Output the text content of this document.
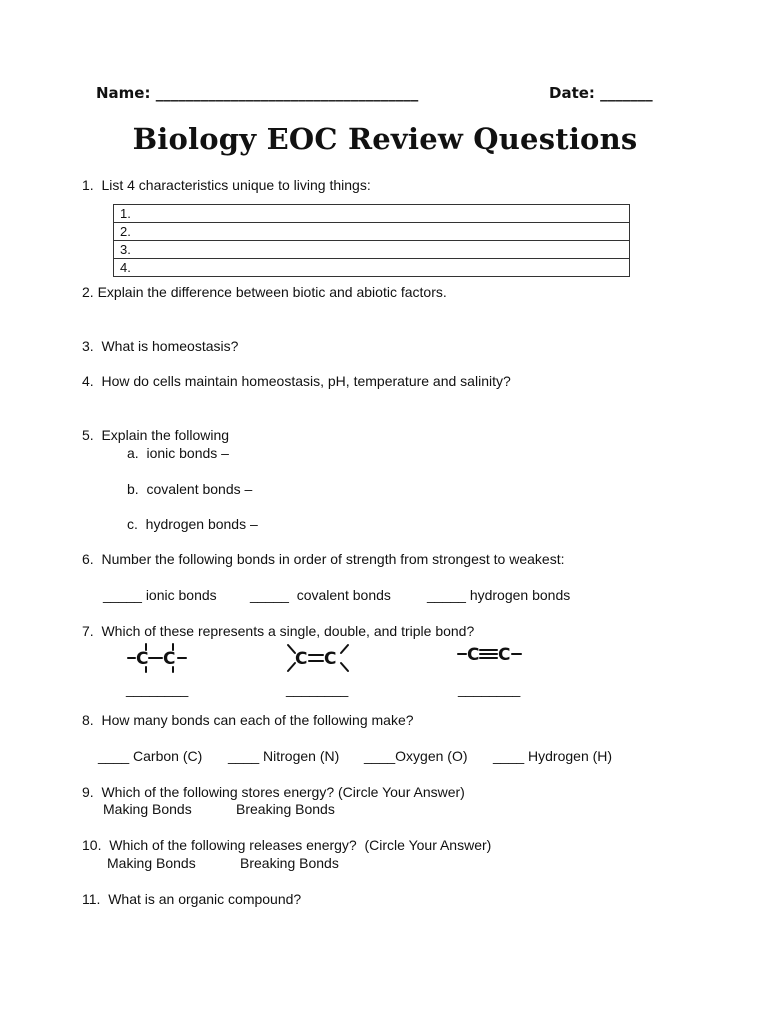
Name: ___________________________________	Date: _______
Biology EOC Review Questions
1.  List 4 characteristics unique to living things:
1.
2.
3.
4.
2. Explain the difference between biotic and abiotic factors.
3.  What is homeostasis?
4.  How do cells maintain homeostasis, pH, temperature and salinity?
5.  Explain the following
a.  ionic bonds –
b.  covalent bonds –
c.  hydrogen bonds –
6.  Number the following bonds in order of strength from strongest to weakest:
_____ ionic bonds _____  covalent bonds	_____ hydrogen bonds
7.  Which of these represents a single, double, and triple bond?
C C	C C	C C
________	________	________
8.  How many bonds can each of the following make?
____ Carbon (C) ____ Nitrogen (N) ____Oxygen (O) ____ Hydrogen (H)
9.  Which of the following stores energy? (Circle Your Answer)
Making Bonds	Breaking Bonds
10.  Which of the following releases energy?  (Circle Your Answer)
Making Bonds	Breaking Bonds
11.  What is an organic compound?
